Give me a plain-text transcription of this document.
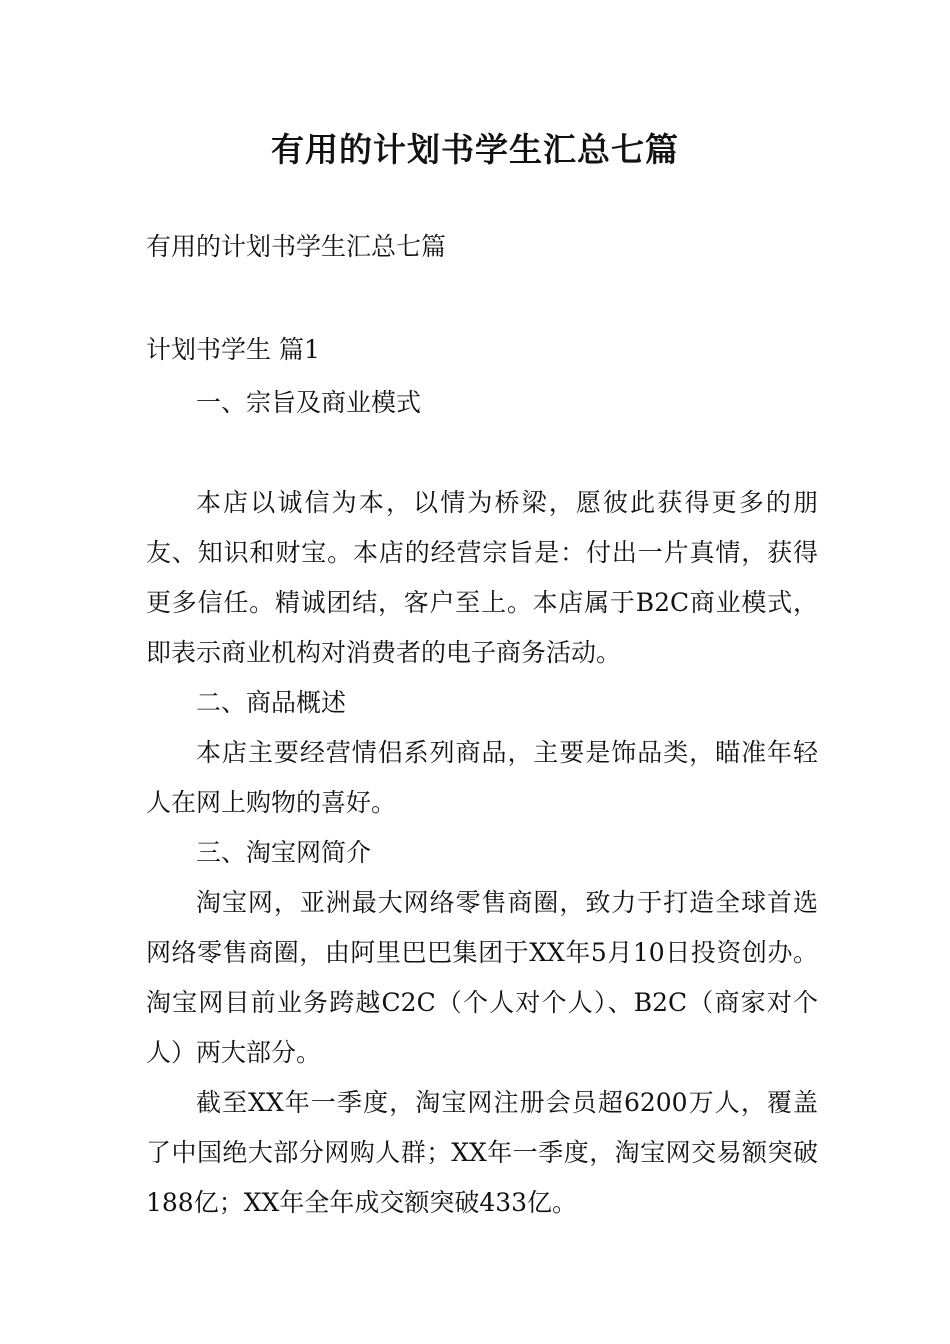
有用的计划书学生汇总七篇
有用的计划书学生汇总七篇
计划书学生 篇1

一、宗旨及商业模式

本店以诚信为本，以情为桥梁，愿彼此获得更多的朋友、知识和财宝。本店的经营宗旨是：付出一片真情，获得更多信任。精诚团结，客户至上。本店属于B2C商业模式，即表示商业机构对消费者的电子商务活动。

二、商品概述

本店主要经营情侣系列商品，主要是饰品类，瞄准年轻人在网上购物的喜好。

三、淘宝网简介

淘宝网，亚洲最大网络零售商圈，致力于打造全球首选网络零售商圈，由阿里巴巴集团于XX年5月10日投资创办。淘宝网目前业务跨越C2C（个人对个人）、B2C（商家对个人）两大部分。

截至XX年一季度，淘宝网注册会员超6200万人，覆盖了中国绝大部分网购人群；XX年一季度，淘宝网交易额突破188亿；XX年全年成交额突破433亿。
